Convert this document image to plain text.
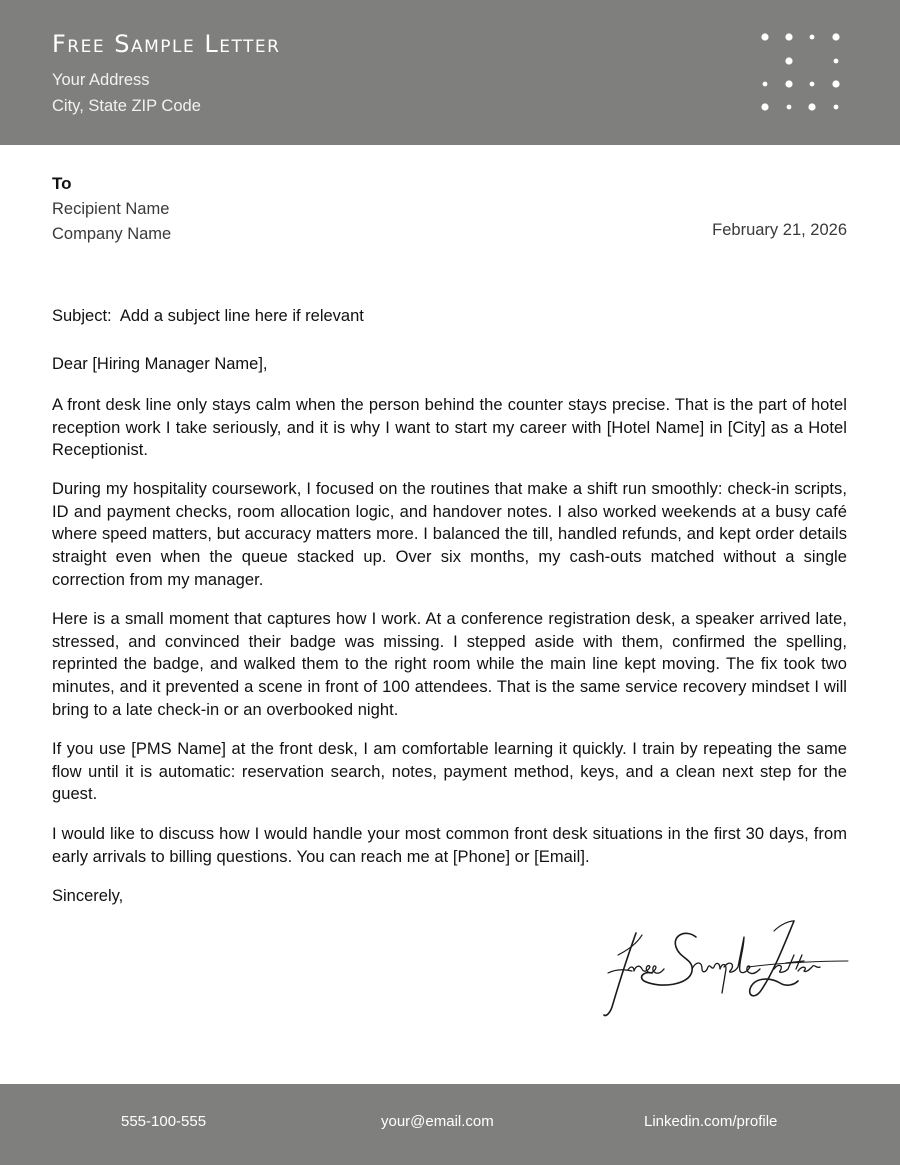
Free Sample Letter
Your Address
City, State ZIP Code
To
Recipient Name
Company Name	February 21, 2026
Subject:  Add a subject line here if relevant
Dear [Hiring Manager Name],

A front desk line only stays calm when the person behind the counter stays precise. That is the part of hotel reception work I take seriously, and it is why I want to start my career with [Hotel Name] in [City] as a Hotel Receptionist.

During my hospitality coursework, I focused on the routines that make a shift run smoothly: check-in scripts, ID and payment checks, room allocation logic, and handover notes. I also worked weekends at a busy café where speed matters, but accuracy matters more. I balanced the till, handled refunds, and kept order details straight even when the queue stacked up. Over six months, my cash-outs matched without a single correction from my manager.

Here is a small moment that captures how I work. At a conference registration desk, a speaker arrived late, stressed, and convinced their badge was missing. I stepped aside with them, confirmed the spelling, reprinted the badge, and walked them to the right room while the main line kept moving. The fix took two minutes, and it prevented a scene in front of 100 attendees. That is the same service recovery mindset I will bring to a late check-in or an overbooked night.

If you use [PMS Name] at the front desk, I am comfortable learning it quickly. I train by repeating the same flow until it is automatic: reservation search, notes, payment method, keys, and a clean next step for the guest.

I would like to discuss how I would handle your most common front desk situations in the first 30 days, from early arrivals to billing questions. You can reach me at [Phone] or [Email].

Sincerely,
555-100-555	your@email.com	Linkedin.com/profile
